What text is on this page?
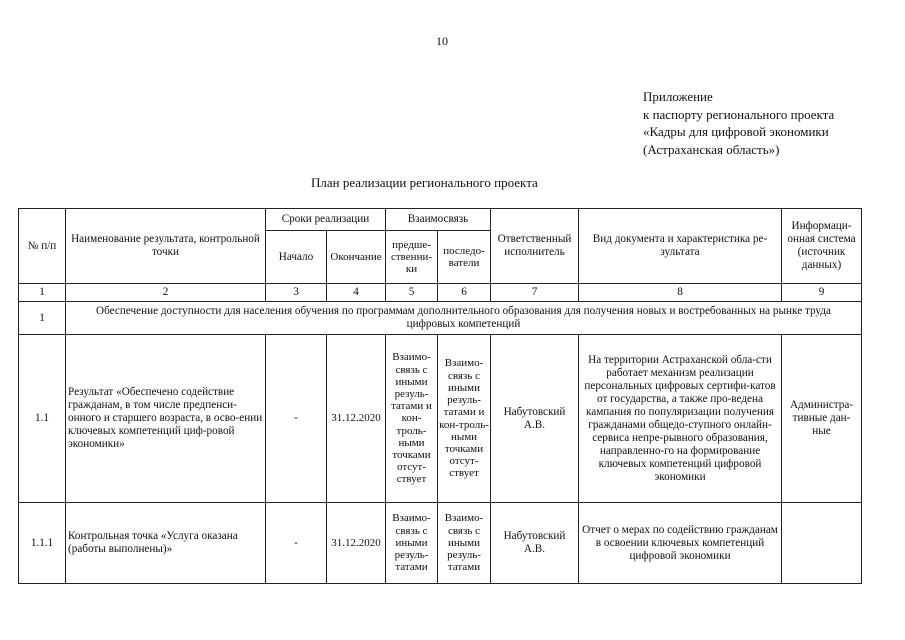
10
Приложение
к паспорту регионального проекта
«Кадры для цифровой экономики
(Астраханская область»)
План реализации регионального проекта
№ п/п	Наименование результата, контрольной точки	Сроки реализации		Взаимосвязь		Ответственный исполнитель	Вид документа и характеристика ре-зультата	Информаци-онная система (источник данных)
		Начало	Окончание	предше-ственни-ки	последо-ватели			
1	2	3	4	5	6	7	8	9
1	Обеспечение доступности для населения обучения по программам дополнительного образования для получения новых и востребованных на рынке труда цифровых компетенций							
1.1	Результат «Обеспечено содействие гражданам, в том числе предпенси-онного и старшего возраста, в осво-ении ключевых компетенций циф-ровой экономики»	-	31.12.2020	Взаимо-связь с иными резуль-татами и кон-троль-ными точками отсут-ствует	Взаимо-связь с иными резуль-татами и кон-троль-ными точками отсут-ствует	Набутовский А.В.	На территории Астраханской обла-сти работает механизм реализации персональных цифровых сертифи-катов от государства, а также про-ведена кампания по популяризации получения гражданами общедо-ступного онлайн-сервиса непре-рывного образования, направленно-го на формирование ключевых компетенций цифровой экономики	Администра-тивные дан-ные
1.1.1	Контрольная точка «Услуга оказана (работы выполнены)»	-	31.12.2020	Взаимо-связь с иными резуль-татами	Взаимо-связь с иными резуль-татами	Набутовский А.В.	Отчет о мерах по содействию гражданам в освоении ключевых компетенций цифровой экономики	
